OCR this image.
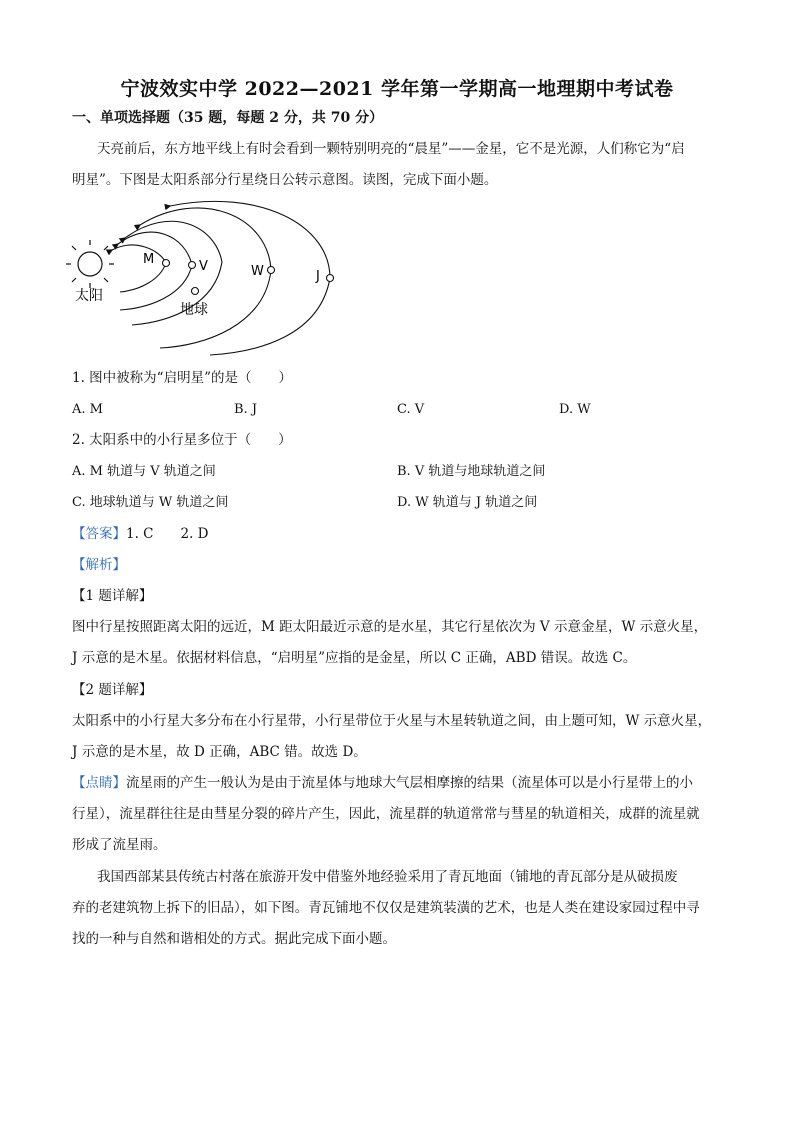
宁波效实中学 2022—2021 学年第一学期高一地理期中考试卷
一、单项选择题（35 题，每题 2 分，共 70 分）
天亮前后，东方地平线上有时会看到一颗特别明亮的“晨星”——金星，它不是光源，人们称它为“启
明星”。下图是太阳系部分行星绕日公转示意图。读图，完成下面小题。
M	V	W	J
太阳
地球
1. 图中被称为“启明星”的是（　　）
A. M	B. J	C. V	D. W
2. 太阳系中的小行星多位于（　　）
A. M 轨道与 V 轨道之间	B. V 轨道与地球轨道之间
C. 地球轨道与 W 轨道之间	D. W 轨道与 J 轨道之间
【答案】1. C　　2. D
【解析】
【1 题详解】
图中行星按照距离太阳的远近，M 距太阳最近示意的是水星，其它行星依次为 V 示意金星，W 示意火星，
J 示意的是木星。依据材料信息，“启明星”应指的是金星，所以 C 正确，ABD 错误。故选 C。
【2 题详解】
太阳系中的小行星大多分布在小行星带，小行星带位于火星与木星转轨道之间，由上题可知，W 示意火星，
J 示意的是木星，故 D 正确，ABC 错。故选 D。
【点睛】流星雨的产生一般认为是由于流星体与地球大气层相摩擦的结果（流星体可以是小行星带上的小
行星），流星群往往是由彗星分裂的碎片产生，因此，流星群的轨道常常与彗星的轨道相关，成群的流星就
形成了流星雨。
我国西部某县传统古村落在旅游开发中借鉴外地经验采用了青瓦地面（铺地的青瓦部分是从破损废
弃的老建筑物上拆下的旧品），如下图。青瓦铺地不仅仅是建筑装潢的艺术，也是人类在建设家园过程中寻
找的一种与自然和谐相处的方式。据此完成下面小题。
